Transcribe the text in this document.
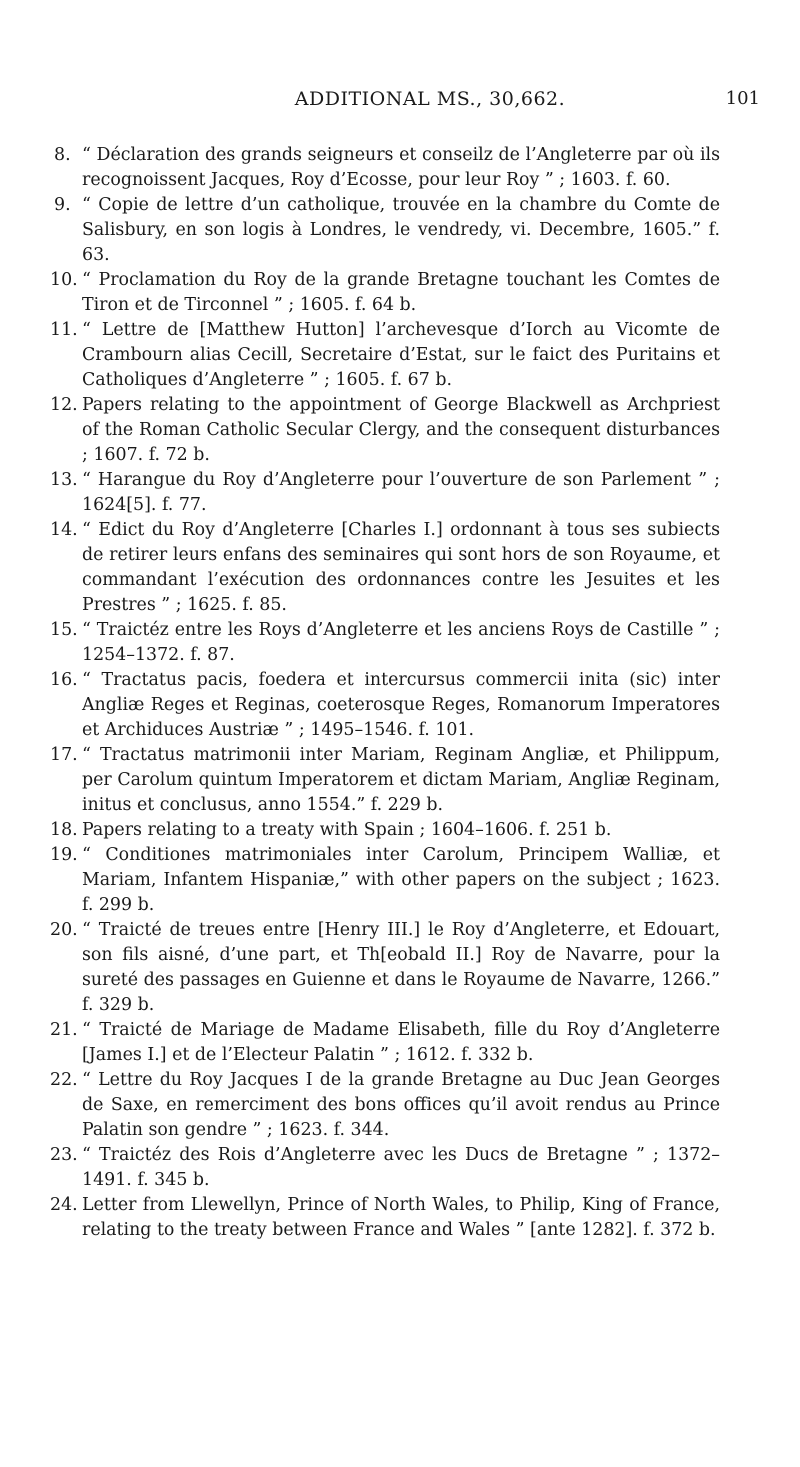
ADDITIONAL MS., 30,662.	101
8. “ Déclaration des grands seigneurs et conseilz de l’Angleterre par où ils recognoissent Jacques, Roy d’Ecosse, pour leur Roy ” ; 1603. f. 60.
9. “ Copie de lettre d’un catholique, trouvée en la chambre du Comte de Salisbury, en son logis à Londres, le vendredy, vi. Decembre, 1605.” f. 63.
10. “ Proclamation du Roy de la grande Bretagne touchant les Comtes de Tiron et de Tirconnel ” ; 1605. f. 64 b.
11. “ Lettre de [Matthew Hutton] l’archevesque d’Iorch au Vicomte de Crambourn alias Cecill, Secretaire d’Estat, sur le faict des Puritains et Catholiques d’Angleterre ” ; 1605. f. 67 b.
12. Papers relating to the appointment of George Blackwell as Archpriest of the Roman Catholic Secular Clergy, and the consequent disturbances ; 1607. f. 72 b.
13. “ Harangue du Roy d’Angleterre pour l’ouverture de son Parlement ” ; 1624[5]. f. 77.
14. “ Edict du Roy d’Angleterre [Charles I.] ordonnant à tous ses subiects de retirer leurs enfans des seminaires qui sont hors de son Royaume, et commandant l’exécution des ordonnances contre les Jesuites et les Prestres ” ; 1625. f. 85.
15. “ Traictéz entre les Roys d’Angleterre et les anciens Roys de Castille ” ; 1254–1372. f. 87.
16. “ Tractatus pacis, foedera et intercursus commercii inita (sic) inter Angliæ Reges et Reginas, coeterosque Reges, Romanorum Imperatores et Archiduces Austriæ ” ; 1495–1546. f. 101.
17. “ Tractatus matrimonii inter Mariam, Reginam Angliæ, et Philippum, per Carolum quintum Imperatorem et dictam Mariam, Angliæ Reginam, initus et conclusus, anno 1554.” f. 229 b.
18. Papers relating to a treaty with Spain ; 1604–1606. f. 251 b.
19. “ Conditiones matrimoniales inter Carolum, Principem Walliæ, et Mariam, Infantem Hispaniæ,” with other papers on the subject ; 1623. f. 299 b.
20. “ Traicté de treues entre [Henry III.] le Roy d’Angleterre, et Edouart, son fils aisné, d’une part, et Th[eobald II.] Roy de Navarre, pour la sureté des passages en Guienne et dans le Royaume de Navarre, 1266.” f. 329 b.
21. “ Traicté de Mariage de Madame Elisabeth, fille du Roy d’Angleterre [James I.] et de l’Electeur Palatin ” ; 1612. f. 332 b.
22. “ Lettre du Roy Jacques I de la grande Bretagne au Duc Jean Georges de Saxe, en remerciment des bons offices qu’il avoit rendus au Prince Palatin son gendre ” ; 1623. f. 344.
23. “ Traictéz des Rois d’Angleterre avec les Ducs de Bretagne ” ; 1372–1491. f. 345 b.
24. Letter from Llewellyn, Prince of North Wales, to Philip, King of France, relating to the treaty between France and Wales ” [ante 1282]. f. 372 b.
